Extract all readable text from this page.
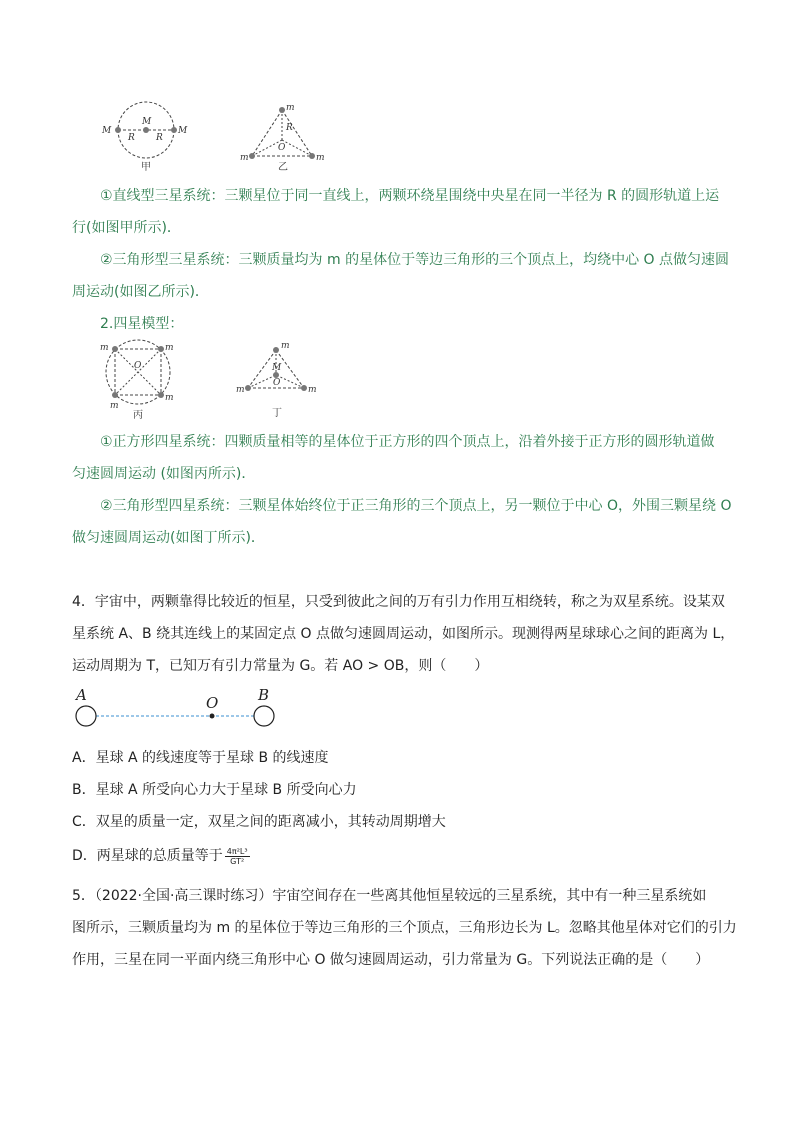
M
M
M
R R
甲
m
m	m
R
O
乙
①直线型三星系统：三颗星位于同一直线上，两颗环绕星围绕中央星在同一半径为 R 的圆形轨道上运
行(如图甲所示)．
②三角形型三星系统：三颗质量均为 m 的星体位于等边三角形的三个顶点上，均绕中心 O 点做匀速圆
周运动(如图乙所示)．
2.四星模型：
m	m
m
m
O
丙
m
m	m
M
O
丁
①正方形四星系统：四颗质量相等的星体位于正方形的四个顶点上，沿着外接于正方形的圆形轨道做
匀速圆周运动 (如图丙所示)．
②三角形型四星系统：三颗星体始终位于正三角形的三个顶点上，另一颗位于中心 O，外围三颗星绕 O
做匀速圆周运动(如图丁所示)．
4．宇宙中，两颗靠得比较近的恒星，只受到彼此之间的万有引力作用互相绕转，称之为双星系统。设某双
星系统 A、B 绕其连线上的某固定点 O 点做匀速圆周运动，如图所示。现测得两星球球心之间的距离为 L，
运动周期为 T，已知万有引力常量为 G。若 AO > OB，则（　　）
A	O	B
A．星球 A 的线速度等于星球 B 的线速度
B．星球 A 所受向心力大于星球 B 所受向心力
C．双星的质量一定，双星之间的距离减小，其转动周期增大
D．两星球的总质量等于 $\frac{\text{4π²L³}}{\text{GT²}}$
5．（2022·全国·高三课时练习）宇宙空间存在一些离其他恒星较远的三星系统，其中有一种三星系统如
图所示，三颗质量均为 m 的星体位于等边三角形的三个顶点，三角形边长为 L。忽略其他星体对它们的引力
作用，三星在同一平面内绕三角形中心 O 做匀速圆周运动，引力常量为 G。下列说法正确的是（　　）
